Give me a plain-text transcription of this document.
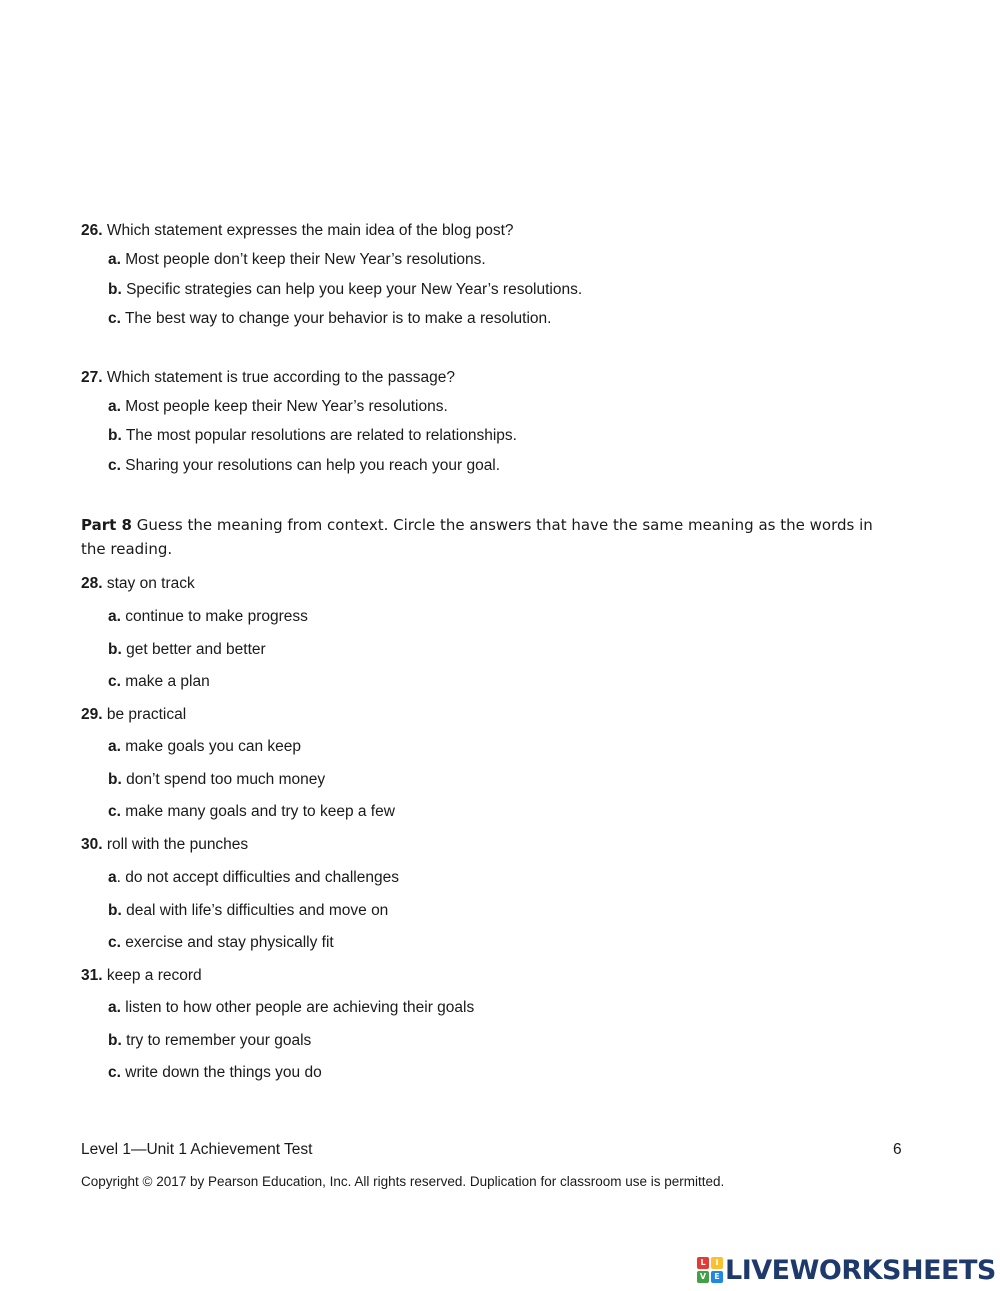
26. Which statement expresses the main idea of the blog post?
a. Most people don’t keep their New Year’s resolutions.
b. Specific strategies can help you keep your New Year’s resolutions.
c. The best way to change your behavior is to make a resolution.
27. Which statement is true according to the passage?
a. Most people keep their New Year’s resolutions.
b. The most popular resolutions are related to relationships.
c. Sharing your resolutions can help you reach your goal.
Part 8 Guess the meaning from context. Circle the answers that have the same meaning as the words in the reading.
28. stay on track
a. continue to make progress
b. get better and better
c. make a plan
29. be practical
a. make goals you can keep
b. don’t spend too much money
c. make many goals and try to keep a few
30. roll with the punches
a. do not accept difficulties and challenges
b. deal with life’s difficulties and move on
c. exercise and stay physically fit
31. keep a record
a. listen to how other people are achieving their goals
b. try to remember your goals
c. write down the things you do
Level 1—Unit 1 Achievement Test	6
Copyright © 2017 by Pearson Education, Inc. All rights reserved. Duplication for classroom use is permitted.
L	I
V	E LIVEWORKSHEETS
